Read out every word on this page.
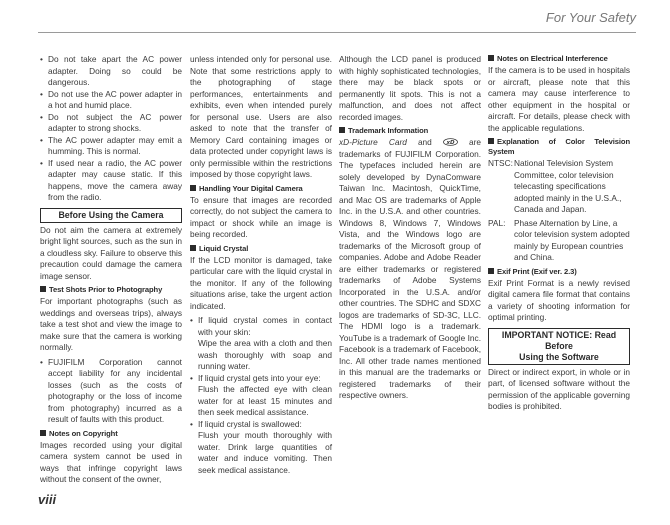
For Your Safety
• Do not take apart the AC power adapter. Doing so could be dangerous.
• Do not use the AC power adapter in a hot and humid place.
• Do not subject the AC power adapter to strong shocks.
• The AC power adapter may emit a humming. This is normal.
• If used near a radio, the AC power adapter may cause static. If this happens, move the camera away from the radio.
Before Using the Camera

Do not aim the camera at extremely bright light sources, such as the sun in a cloudless sky. Failure to observe this precaution could damage the camera image sensor.

Test Shots Prior to Photography

For important photographs (such as weddings and overseas trips), always take a test shot and view the image to make sure that the camera is working normally.

• FUJIFILM Corporation cannot accept liability for any incidental losses (such as the costs of photography or the loss of income from photography) incurred as a result of faults with this product.
Notes on Copyright

Images recorded using your digital camera system cannot be used in ways that infringe copyright laws without the consent of the owner,

unless intended only for personal use. Note that some restrictions apply to the photographing of stage performances, entertainments and exhibits, even when intended purely for personal use. Users are also asked to note that the transfer of Memory Card containing images or data protected under copyright laws is only permissible within the restrictions imposed by those copyright laws.

Handling Your Digital Camera

To ensure that images are recorded correctly, do not subject the camera to impact or shock while an image is being recorded.

Liquid Crystal

If the LCD monitor is damaged, take particular care with the liquid crystal in the monitor. If any of the following situations arise, take the urgent action indicated.

• If liquid crystal comes in contact with your skin:
Wipe the area with a cloth and then wash thoroughly with soap and running water.
• If liquid crystal gets into your eye:
Flush the affected eye with clean water for at least 15 minutes and then seek medical assistance.
• If liquid crystal is swallowed:
Flush your mouth thoroughly with water. Drink large quantities of water and induce vomiting. Then seek medical assistance.

Although the LCD panel is produced with highly sophisticated technologies, there may be black spots or permanently lit spots. This is not a malfunction, and does not affect recorded images.

Trademark Information

xD-Picture Card and xD are trademarks of FUJIFILM Corporation. The typefaces included herein are solely developed by DynaComware Taiwan Inc. Macintosh, QuickTime, and Mac OS are trademarks of Apple Inc. in the U.S.A. and other countries. Windows 8, Windows 7, Windows Vista, and the Windows logo are trademarks of the Microsoft group of companies. Adobe and Adobe Reader are either trademarks or registered trademarks of Adobe Systems Incorporated in the U.S.A. and/or other countries. The SDHC and SDXC logos are trademarks of SD-3C, LLC. The HDMI logo is a trademark. YouTube is a trademark of Google Inc. Facebook is a trademark of Facebook, Inc. All other trade names mentioned in this manual are the trademarks or registered trademarks of their respective owners.

Notes on Electrical Interference

If the camera is to be used in hospitals or aircraft, please note that this camera may cause interference to other equipment in the hospital or aircraft. For details, please check with the applicable regulations.

Explanation of Color Television System
NTSC: National Television System Committee, color television telecasting specifications adopted mainly in the U.S.A., Canada and Japan.
PAL:	Phase Alternation by Line, a color television system adopted mainly by European countries and China.
Exif Print (Exif ver. 2.3)

Exif Print Format is a newly revised digital camera file format that contains a variety of shooting information for optimal printing.

IMPORTANT NOTICE: Read Before
Using the Software

Direct or indirect export, in whole or in part, of licensed software without the permission of the applicable governing bodies is prohibited.

viii
